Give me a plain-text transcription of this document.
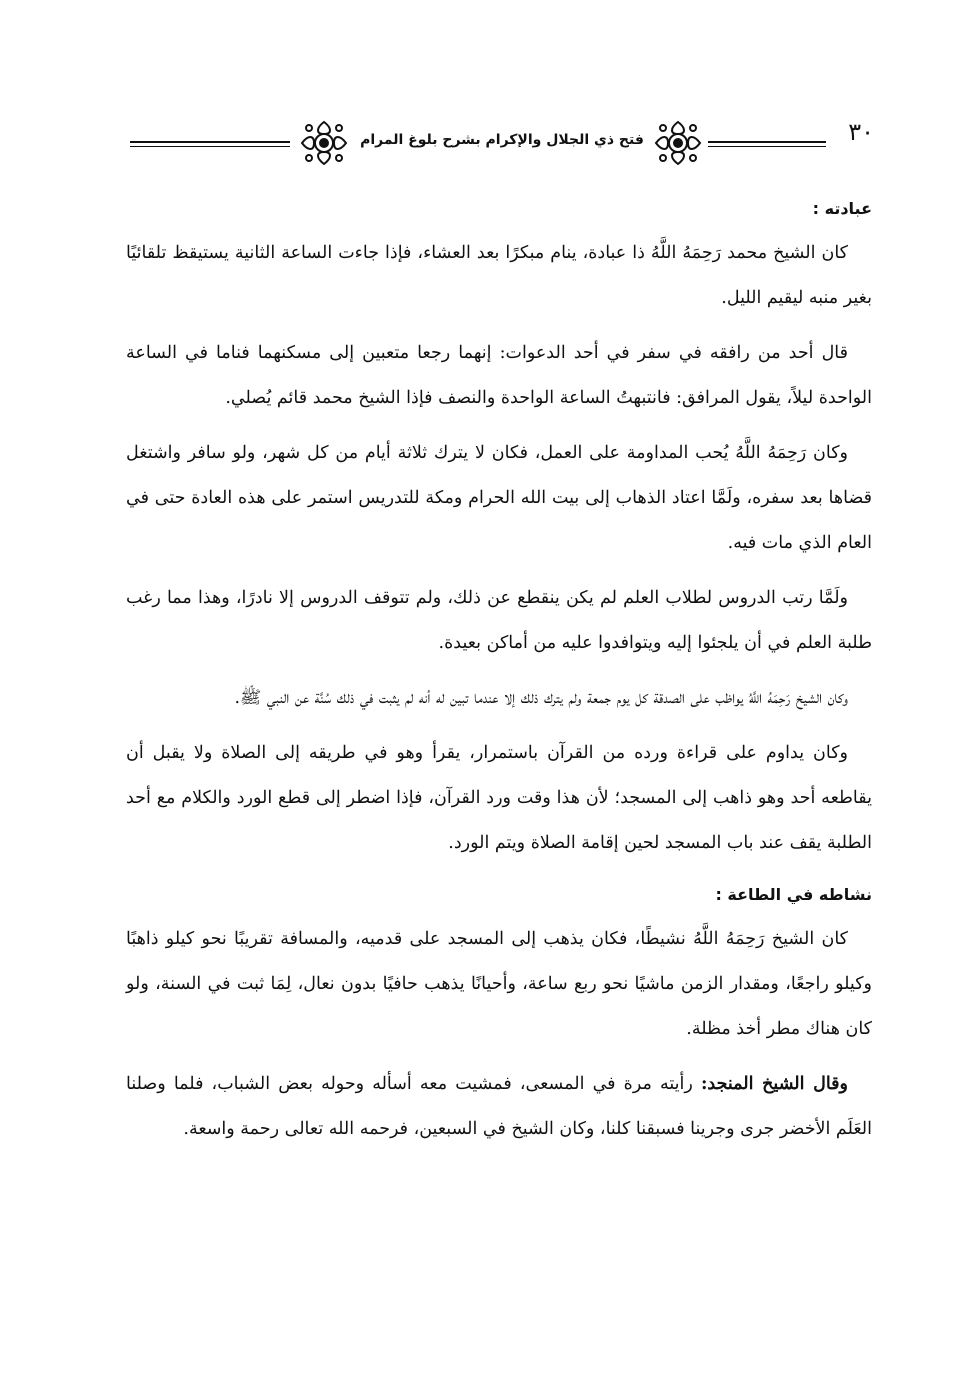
فتح ذي الجلال والإكرام بشرح بلوغ المرام	٣٠
عبادته :

كان الشيخ محمد رَحِمَهُ اللَّهُ ذا عبادة، ينام مبكرًا بعد العشاء، فإذا جاءت الساعة الثانية يستيقظ تلقائيًا بغير منبه ليقيم الليل.

قال أحد من رافقه في سفر في أحد الدعوات: إنهما رجعا متعبين إلى مسكنهما فناما في الساعة الواحدة ليلاً، يقول المرافق: فانتبهتُ الساعة الواحدة والنصف فإذا الشيخ محمد قائم يُصلي.

وكان رَحِمَهُ اللَّهُ يُحب المداومة على العمل، فكان لا يترك ثلاثة أيام من كل شهر، ولو سافر واشتغل قضاها بعد سفره، ولَمَّا اعتاد الذهاب إلى بيت الله الحرام ومكة للتدريس استمر على هذه العادة حتى في العام الذي مات فيه.

ولَمَّا رتب الدروس لطلاب العلم لم يكن ينقطع عن ذلك، ولم تتوقف الدروس إلا نادرًا، وهذا مما رغب طلبة العلم في أن يلجئوا إليه ويتوافدوا عليه من أماكن بعيدة.

وكان الشيخ رَحِمَهُ اللَّهُ يواظب على الصدقة كل يوم جمعة ولم يترك ذلك إلا عندما تبين له أنه لم يثبت في ذلك سُنَّة عن النبي ﷺ.

وكان يداوم على قراءة ورده من القرآن باستمرار، يقرأ وهو في طريقه إلى الصلاة ولا يقبل أن يقاطعه أحد وهو ذاهب إلى المسجد؛ لأن هذا وقت ورد القرآن، فإذا اضطر إلى قطع الورد والكلام مع أحد الطلبة يقف عند باب المسجد لحين إقامة الصلاة ويتم الورد.

نشاطه في الطاعة :

كان الشيخ رَحِمَهُ اللَّهُ نشيطًا، فكان يذهب إلى المسجد على قدميه، والمسافة تقريبًا نحو كيلو ذاهبًا وكيلو راجعًا، ومقدار الزمن ماشيًا نحو ربع ساعة، وأحيانًا يذهب حافيًا بدون نعال، لِمَا ثبت في السنة، ولو كان هناك مطر أخذ مظلة.

وقال الشيخ المنجد: رأيته مرة في المسعى، فمشيت معه أسأله وحوله بعض الشباب، فلما وصلنا العَلَم الأخضر جرى وجرينا فسبقنا كلنا، وكان الشيخ في السبعين، فرحمه الله تعالى رحمة واسعة.
